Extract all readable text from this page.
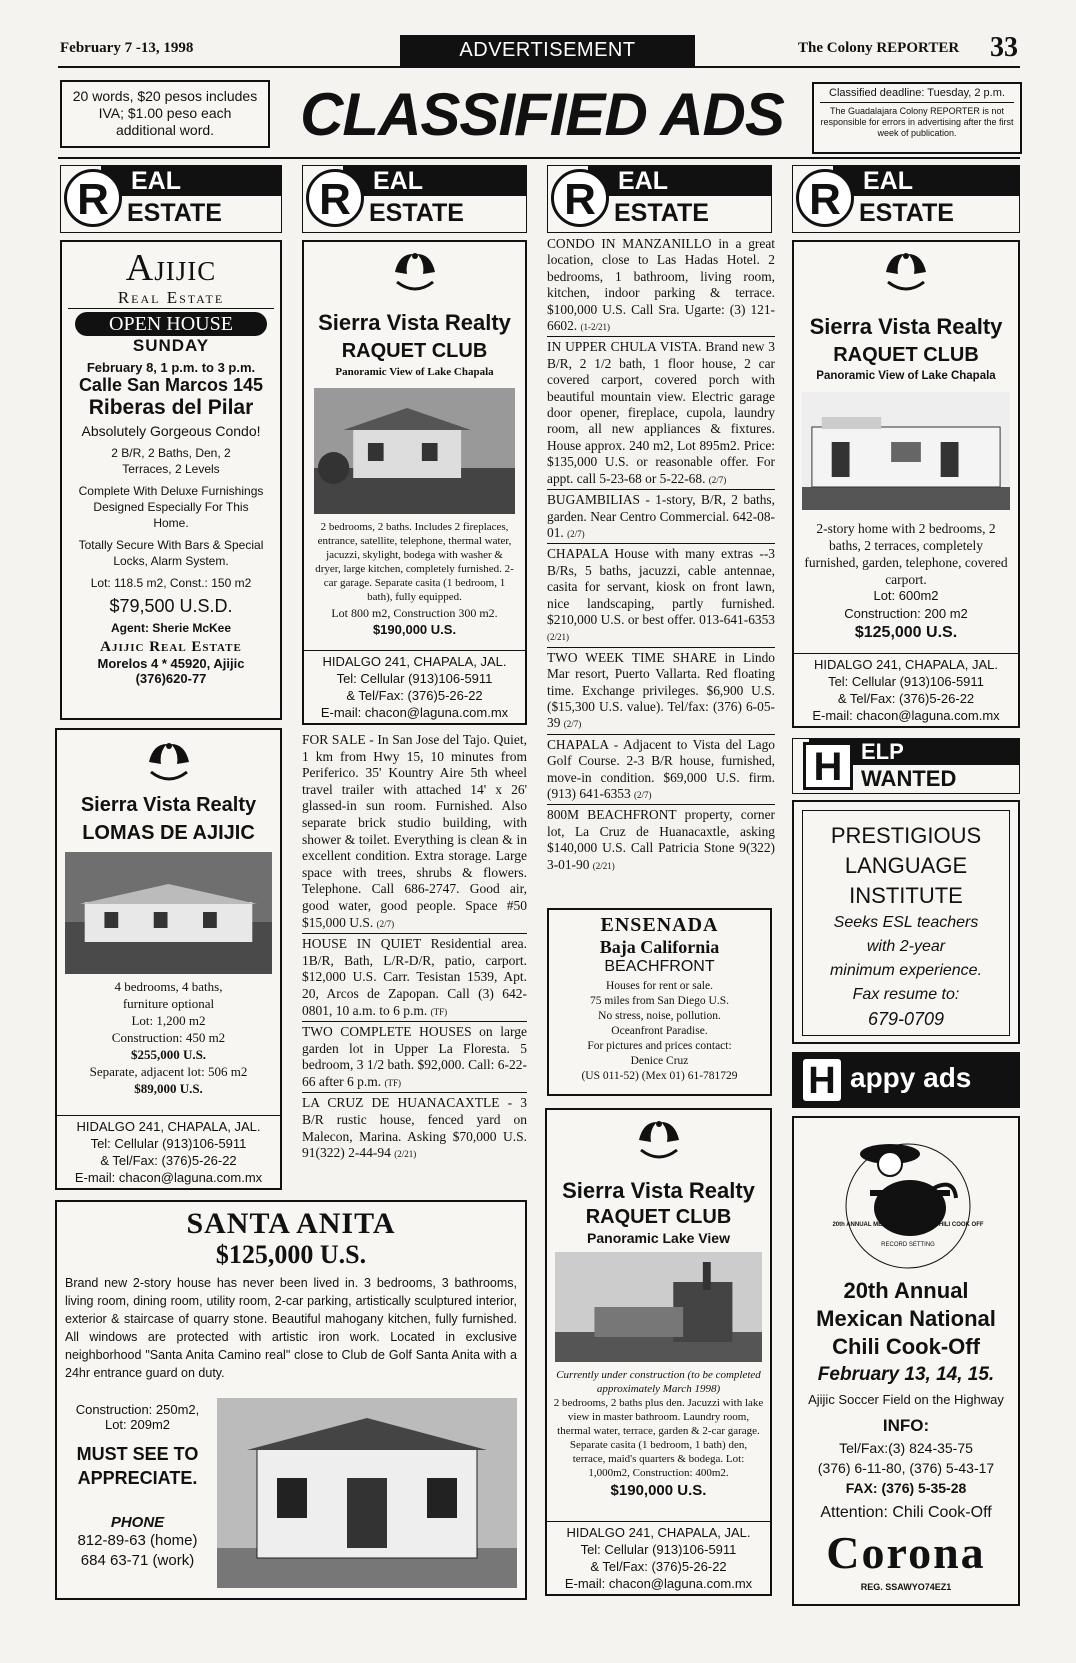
February 7 -13, 1998	ADVERTISEMENT	The Colony REPORTER 33
20 words, $20 pesos includes IVA; $1.00 peso each additional word.	CLASSIFIED ADS	Classified deadline: Tuesday, 2 p.m.
The Guadalajara Colony REPORTER is not responsible for errors in advertising after the first week of publication.
EAL
R ESTATE
EAL
R ESTATE
EAL
R ESTATE
EAL
R ESTATE
Ajijic
Real Estate
OPEN HOUSE
SUNDAY
February 8, 1 p.m. to 3 p.m.
Calle San Marcos 145
Riberas del Pilar
Absolutely Gorgeous Condo!
2 B/R, 2 Baths, Den, 2 Terraces, 2 Levels
Complete With Deluxe Furnishings Designed Especially For This Home.
Totally Secure With Bars & Special Locks, Alarm System.
Lot: 118.5 m2, Const.: 150 m2
$79,500 U.S.D.
Agent: Sherie McKee
Ajijic Real Estate
Morelos 4 * 45920, Ajijic
(376)620-77
Sierra Vista Realty
LOMAS DE AJIJIC
4 bedrooms, 4 baths,
furniture optional
Lot: 1,200 m2
Construction: 450 m2
$255,000 U.S.
Separate, adjacent lot: 506 m2
$89,000 U.S.
HIDALGO 241, CHAPALA, JAL.
Tel: Cellular (913)106-5911
& Tel/Fax: (376)5-26-22
E-mail: chacon@laguna.com.mx
Sierra Vista Realty
RAQUET CLUB
Panoramic View of Lake Chapala
2 bedrooms, 2 baths. Includes 2 fireplaces, entrance, satellite, telephone, thermal water, jacuzzi, skylight, bodega with washer & dryer, large kitchen, completely furnished. 2-car garage. Separate casita (1 bedroom, 1 bath), fully equipped.
Lot 800 m2, Construction 300 m2.
$190,000 U.S.
HIDALGO 241, CHAPALA, JAL.
Tel: Cellular (913)106-5911
& Tel/Fax: (376)5-26-22
E-mail: chacon@laguna.com.mx
FOR SALE - In San Jose del Tajo. Quiet, 1 km from Hwy 15, 10 minutes from Periferico. 35' Kountry Aire 5th wheel travel trailer with attached 14' x 26' glassed-in sun room. Furnished. Also separate brick studio building, with shower & toilet. Everything is clean & in excellent condition. Extra storage. Large space with trees, shrubs & flowers. Telephone. Call 686-2747. Good air, good water, good people. Space #50 $15,000 U.S. (2/7)
HOUSE IN QUIET Residential area. 1B/R, Bath, L/R-D/R, patio, carport. $12,000 U.S. Carr. Tesistan 1539, Apt. 20, Arcos de Zapopan. Call (3) 642-0801, 10 a.m. to 6 p.m. (TF)
TWO COMPLETE HOUSES on large garden lot in Upper La Floresta. 5 bedroom, 3 1/2 bath. $92,000. Call: 6-22-66 after 6 p.m. (TF)
LA CRUZ DE HUANACAXTLE - 3 B/R rustic house, fenced yard on Malecon, Marina. Asking $70,000 U.S. 91(322) 2-44-94 (2/21)
CONDO IN MANZANILLO in a great location, close to Las Hadas Hotel. 2 bedrooms, 1 bathroom, living room, kitchen, indoor parking & terrace. $100,000 U.S. Call Sra. Ugarte: (3) 121-6602. (1-2/21)
IN UPPER CHULA VISTA. Brand new 3 B/R, 2 1/2 bath, 1 floor house, 2 car covered carport, covered porch with beautiful mountain view. Electric garage door opener, fireplace, cupola, laundry room, all new appliances & fixtures. House approx. 240 m2, Lot 895m2. Price: $135,000 U.S. or reasonable offer. For appt. call 5-23-68 or 5-22-68. (2/7)
BUGAMBILIAS - 1-story, B/R, 2 baths, garden. Near Centro Commercial. 642-08-01. (2/7)
CHAPALA House with many extras --3 B/Rs, 5 baths, jacuzzi, cable antennae, casita for servant, kiosk on front lawn, nice landscaping, partly furnished. $210,000 U.S. or best offer. 013-641-6353 (2/21)
TWO WEEK TIME SHARE in Lindo Mar resort, Puerto Vallarta. Red floating time. Exchange privileges. $6,900 U.S. ($15,300 U.S. value). Tel/fax: (376) 6-05-39 (2/7)
CHAPALA - Adjacent to Vista del Lago Golf Course. 2-3 B/R house, furnished, move-in condition. $69,000 U.S. firm. (913) 641-6353 (2/7)
800M BEACHFRONT property, corner lot, La Cruz de Huanacaxtle, asking $140,000 U.S. Call Patricia Stone 9(322) 3-01-90 (2/21)
ENSENADA
Baja California
BEACHFRONT
Houses for rent or sale.
75 miles from San Diego U.S.
No stress, noise, pollution.
Oceanfront Paradise.
For pictures and prices contact:
Denice Cruz
(US 011-52) (Mex 01) 61-781729
Sierra Vista Realty
RAQUET CLUB
Panoramic Lake View
Currently under construction (to be completed approximately March 1998)
2 bedrooms, 2 baths plus den. Jacuzzi with lake view in master bathroom. Laundry room, thermal water, terrace, garden & 2-car garage. Separate casita (1 bedroom, 1 bath) den, terrace, maid's quarters & bodega. Lot: 1,000m2, Construction: 400m2.
$190,000 U.S.
HIDALGO 241, CHAPALA, JAL.
Tel: Cellular (913)106-5911
& Tel/Fax: (376)5-26-22
E-mail: chacon@laguna.com.mx
Sierra Vista Realty
RAQUET CLUB
Panoramic View of Lake Chapala
2-story home with 2 bedrooms, 2 baths, 2 terraces, completely furnished, garden, telephone, covered carport.
Lot: 600m2
Construction: 200 m2
$125,000 U.S.
HIDALGO 241, CHAPALA, JAL.
Tel: Cellular (913)106-5911
& Tel/Fax: (376)5-26-22
E-mail: chacon@laguna.com.mx
ELP
H WANTED
PRESTIGIOUS
LANGUAGE
INSTITUTE
Seeks ESL teachers
with 2-year
minimum experience.
Fax resume to:
679-0709
H appy ads
20th ANNUAL MEXICAN NATIONAL CHILI COOK OFF
RECORD SETTING
20th Annual
Mexican National
Chili Cook-Off
February 13, 14, 15.
Ajijic Soccer Field on the Highway
INFO:
Tel/Fax:(3) 824-35-75
(376) 6-11-80, (376) 5-43-17
FAX: (376) 5-35-28
Attention: Chili Cook-Off
Corona
REG. SSAWYO74EZ1
SANTA ANITA
$125,000 U.S.
Brand new 2-story house has never been lived in. 3 bedrooms, 3 bathrooms, living room, dining room, utility room, 2-car parking, artistically sculptured interior, exterior & staircase of quarry stone. Beautiful mahogany kitchen, fully furnished. All windows are protected with artistic iron work. Located in exclusive neighborhood "Santa Anita Camino real" close to Club de Golf Santa Anita with a 24hr entrance guard on duty.
Construction: 250m2,
Lot: 209m2
MUST SEE TO APPRECIATE.
PHONE
812-89-63 (home)
684 63-71 (work)
